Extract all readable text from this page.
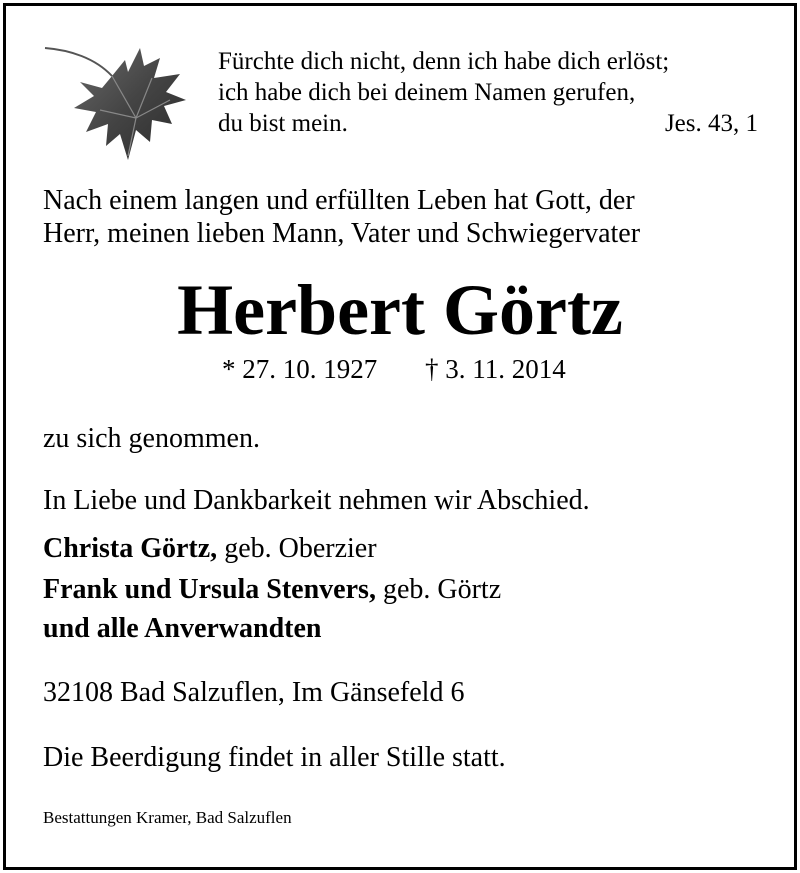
Fürchte dich nicht, denn ich habe dich erlöst;
ich habe dich bei deinem Namen gerufen,
du bist mein.	Jes. 43, 1
Nach einem langen und erfüllten Leben hat Gott, der
Herr, meinen lieben Mann, Vater und Schwiegervater
Herbert Görtz
* 27. 10. 1927 † 3. 11. 2014
zu sich genommen.
In Liebe und Dankbarkeit nehmen wir Abschied.
Christa Görtz, geb. Oberzier
Frank und Ursula Stenvers, geb. Görtz
und alle Anverwandten
32108 Bad Salzuflen, Im Gänsefeld 6
Die Beerdigung findet in aller Stille statt.
Bestattungen Kramer, Bad Salzuflen
